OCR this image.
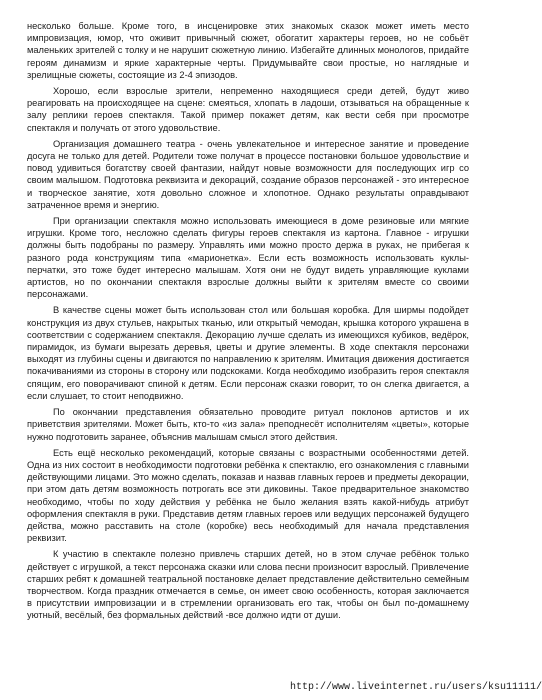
несколько больше. Кроме того, в инсценировке этих знакомых сказок может иметь место импровизация, юмор, что оживит привычный сюжет, обогатит характеры героев, но не собьёт маленьких зрителей с толку и не нарушит сюжетную линию. Избегайте длинных монологов, придайте героям динамизм и яркие характерные черты. Придумывайте свои простые, но наглядные и зрелищные сюжеты, состоящие из 2-4 эпизодов.

Хорошо, если взрослые зрители, непременно находящиеся среди детей, будут живо реагировать на происходящее на сцене: смеяться, хлопать в ладоши, отзываться на обращенные к залу реплики героев спектакля. Такой пример покажет детям, как вести себя при просмотре спектакля и получать от этого удовольствие.

Организация домашнего театра - очень увлекательное и интересное занятие и проведение досуга не только для детей. Родители тоже получат в процессе постановки большое удовольствие и повод удивиться богатству своей фантазии, найдут новые возможности для последующих игр со своим малышом. Подготовка реквизита и декораций, создание образов персонажей - это интересное и творческое занятие, хотя довольно сложное и хлопотное. Однако результаты оправдывают затраченное время и энергию.

При организации спектакля можно использовать имеющиеся в доме резиновые или мягкие игрушки. Кроме того, несложно сделать фигуры героев спектакля из картона. Главное - игрушки должны быть подобраны по размеру. Управлять ими можно просто держа в руках, не прибегая к разного рода конструкциям типа «марионетка». Если есть возможность использовать куклы-перчатки, это тоже будет интересно малышам. Хотя они не будут видеть управляющие куклами артистов, но по окончании спектакля взрослые должны выйти к зрителям вместе со своими персонажами.

В качестве сцены может быть использован стол или большая коробка. Для ширмы подойдет конструкция из двух стульев, накрытых тканью, или открытый чемодан, крышка которого украшена в соответствии с содержанием спектакля. Декорацию лучше сделать из имеющихся кубиков, ведёрок, пирамидок, из бумаги вырезать деревья, цветы и другие элементы. В ходе спектакля персонажи выходят из глубины сцены и двигаются по направлению к зрителям. Имитация движения достигается покачиваниями из стороны в сторону или подскоками. Когда необходимо изобразить героя спектакля спящим, его поворачивают спиной к детям. Если персонаж сказки говорит, то он слегка двигается, а если слушает, то стоит неподвижно.

По окончании представления обязательно проводите ритуал поклонов артистов и их приветствия зрителями. Может быть, кто-то «из зала» преподнесёт исполнителям «цветы», которые нужно подготовить заранее, объяснив малышам смысл этого действия.

Есть ещё несколько рекомендаций, которые связаны с возрастными особенностями детей. Одна из них состоит в необходимости подготовки ребёнка к спектаклю, его ознакомления с главными действующими лицами. Это можно сделать, показав и назвав главных героев и предметы декорации, при этом дать детям возможность потрогать все эти диковины. Такое предварительное знакомство необходимо, чтобы по ходу действия у ребёнка не было желания взять какой-нибудь атрибут оформления спектакля в руки. Представив детям главных героев или ведущих персонажей будущего действа, можно расставить на столе (коробке) весь необходимый для начала представления реквизит.

К участию в спектакле полезно привлечь старших детей, но в этом случае ребёнок только действует с игрушкой, а текст персонажа сказки или слова песни произносит взрослый. Привлечение старших ребят к домашней театральной постановке делает представление действительно семейным творчеством. Когда праздник отмечается в семье, он имеет свою особенность, которая заключается в присутствии импровизации и в стремлении организовать его так, чтобы он был по-домашнему уютный, весёлый, без формальных действий -все должно идти от души.

http://www.liveinternet.ru/users/ksu11111/
